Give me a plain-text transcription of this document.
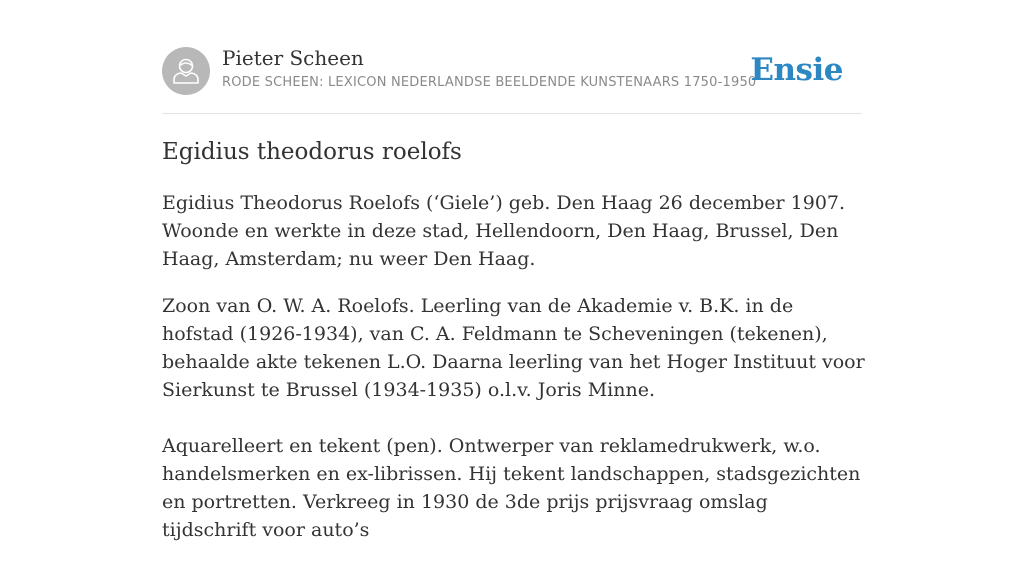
Pieter Scheen
RODE SCHEEN: LEXICON NEDERLANDSE BEELDENDE KUNSTENAARS 1750-1950
Ensie
Egidius theodorus roelofs

Egidius Theodorus Roelofs (‘Giele’) geb. Den Haag 26 december 1907. Woonde en werkte in deze stad, Hellendoorn, Den Haag, Brussel, Den Haag, Amsterdam; nu weer Den Haag.

Zoon van O. W. A. Roelofs. Leerling van de Akademie v. B.K. in de hofstad (1926-1934), van C. A. Feldmann te Scheveningen (tekenen), behaalde akte tekenen L.O. Daarna leerling van het Hoger Instituut voor Sierkunst te Brussel (1934-1935) o.l.v. Joris Minne.

Aquarelleert en tekent (pen). Ontwerper van reklamedrukwerk, w.o. handelsmerken en ex-librissen. Hij tekent landschappen, stadsgezichten en portretten. Verkreeg in 1930 de 3de prijs prijsvraag omslag tijdschrift voor auto’s
